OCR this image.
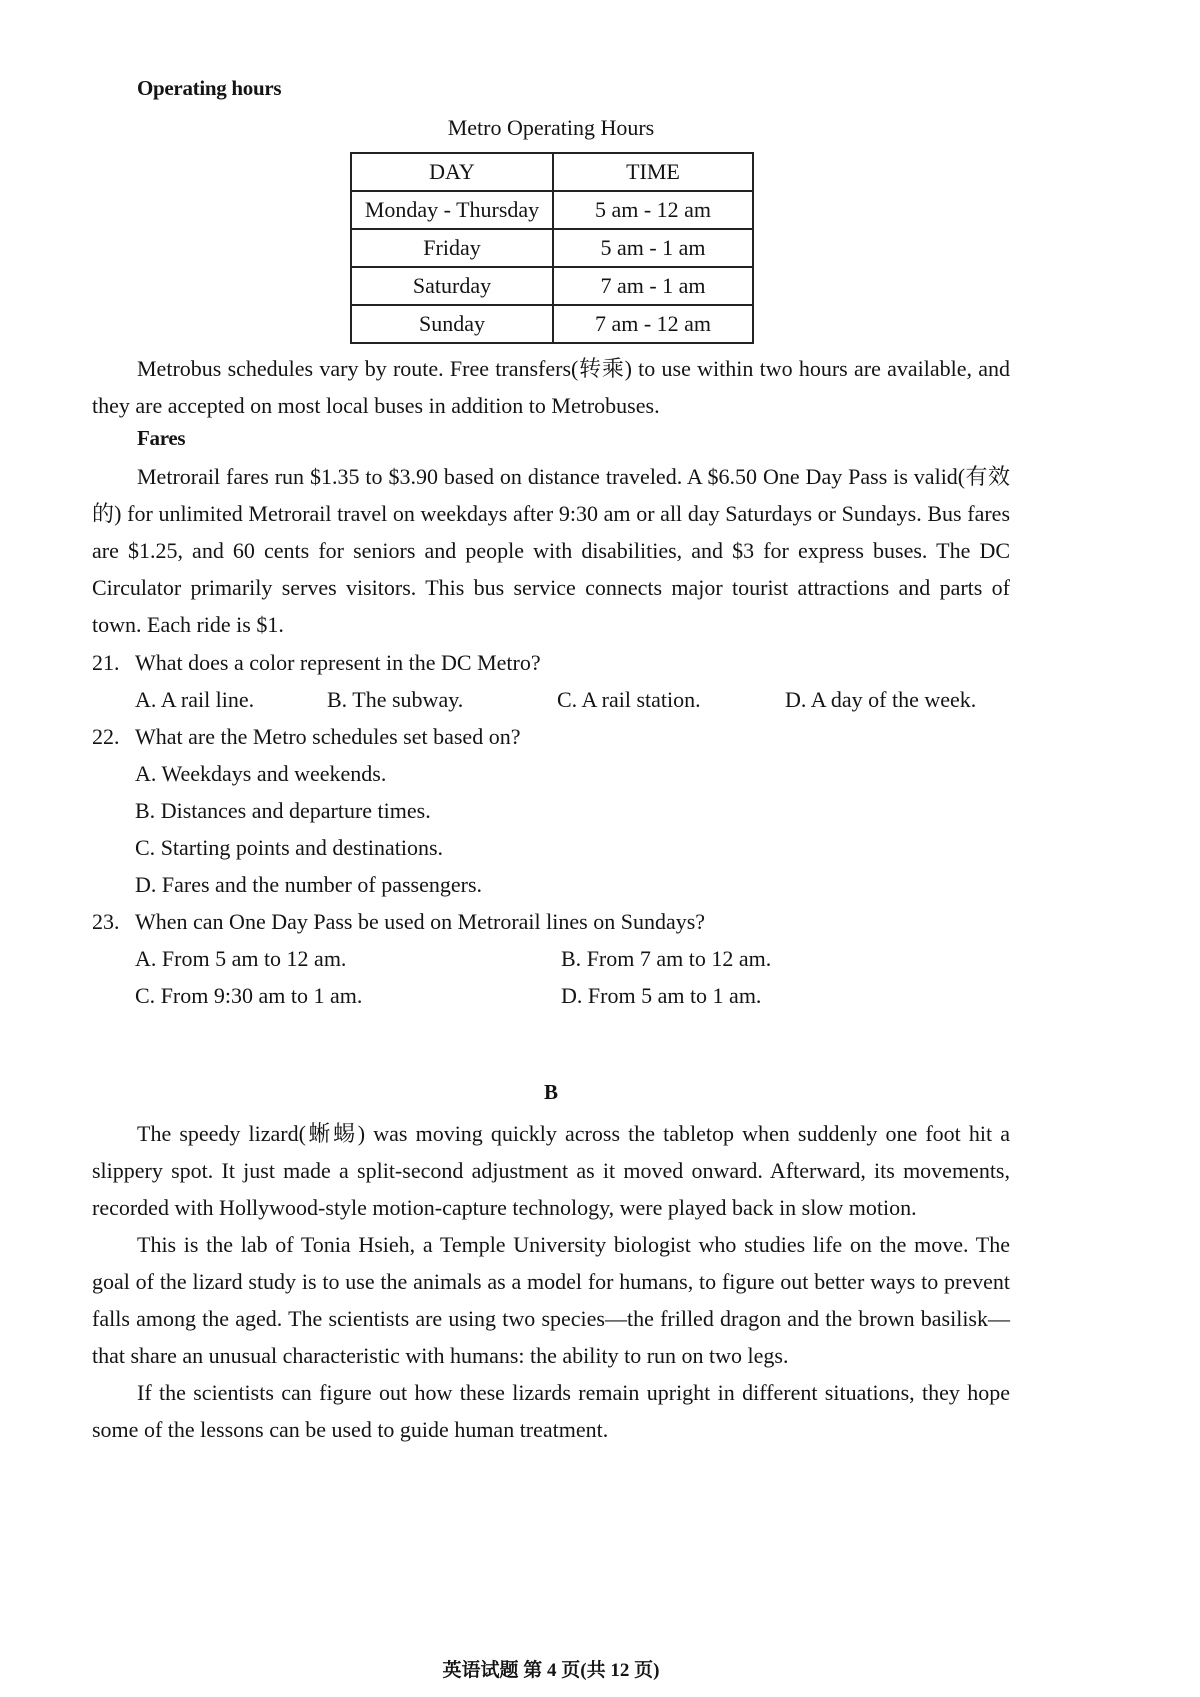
Operating hours
Metro Operating Hours
DAY	TIME
Monday - Thursday	5 am - 12 am
Friday	5 am - 1 am
Saturday	7 am - 1 am
Sunday	7 am - 12 am

Metrobus schedules vary by route. Free transfers(转乘) to use within two hours are available, and they are accepted on most local buses in addition to Metrobuses.

Fares

Metrorail fares run $1.35 to $3.90 based on distance traveled. A $6.50 One Day Pass is valid(有效的) for unlimited Metrorail travel on weekdays after 9:30 am or all day Saturdays or Sundays. Bus fares are $1.25, and 60 cents for seniors and people with disabilities, and $3 for express buses. The DC Circulator primarily serves visitors. This bus service connects major tourist attractions and parts of town. Each ride is $1.

21. What does a color represent in the DC Metro?

A. A rail line.	B. The subway.	C. A rail station.	D. A day of the week.

22. What are the Metro schedules set based on?

A. Weekdays and weekends.

B. Distances and departure times.

C. Starting points and destinations.

D. Fares and the number of passengers.

23. When can One Day Pass be used on Metrorail lines on Sundays?

A. From 5 am to 12 am.	B. From 7 am to 12 am.
C. From 9:30 am to 1 am.	D. From 5 am to 1 am.
B

The speedy lizard(蜥蜴) was moving quickly across the tabletop when suddenly one foot hit a slippery spot. It just made a split-second adjustment as it moved onward. Afterward, its movements, recorded with Hollywood-style motion-capture technology, were played back in slow motion.

This is the lab of Tonia Hsieh, a Temple University biologist who studies life on the move. The goal of the lizard study is to use the animals as a model for humans, to figure out better ways to prevent falls among the aged. The scientists are using two species—the frilled dragon and the brown basilisk—that share an unusual characteristic with humans: the ability to run on two legs.

If the scientists can figure out how these lizards remain upright in different situations, they hope some of the lessons can be used to guide human treatment.

英语试题 第 4 页(共 12 页)
